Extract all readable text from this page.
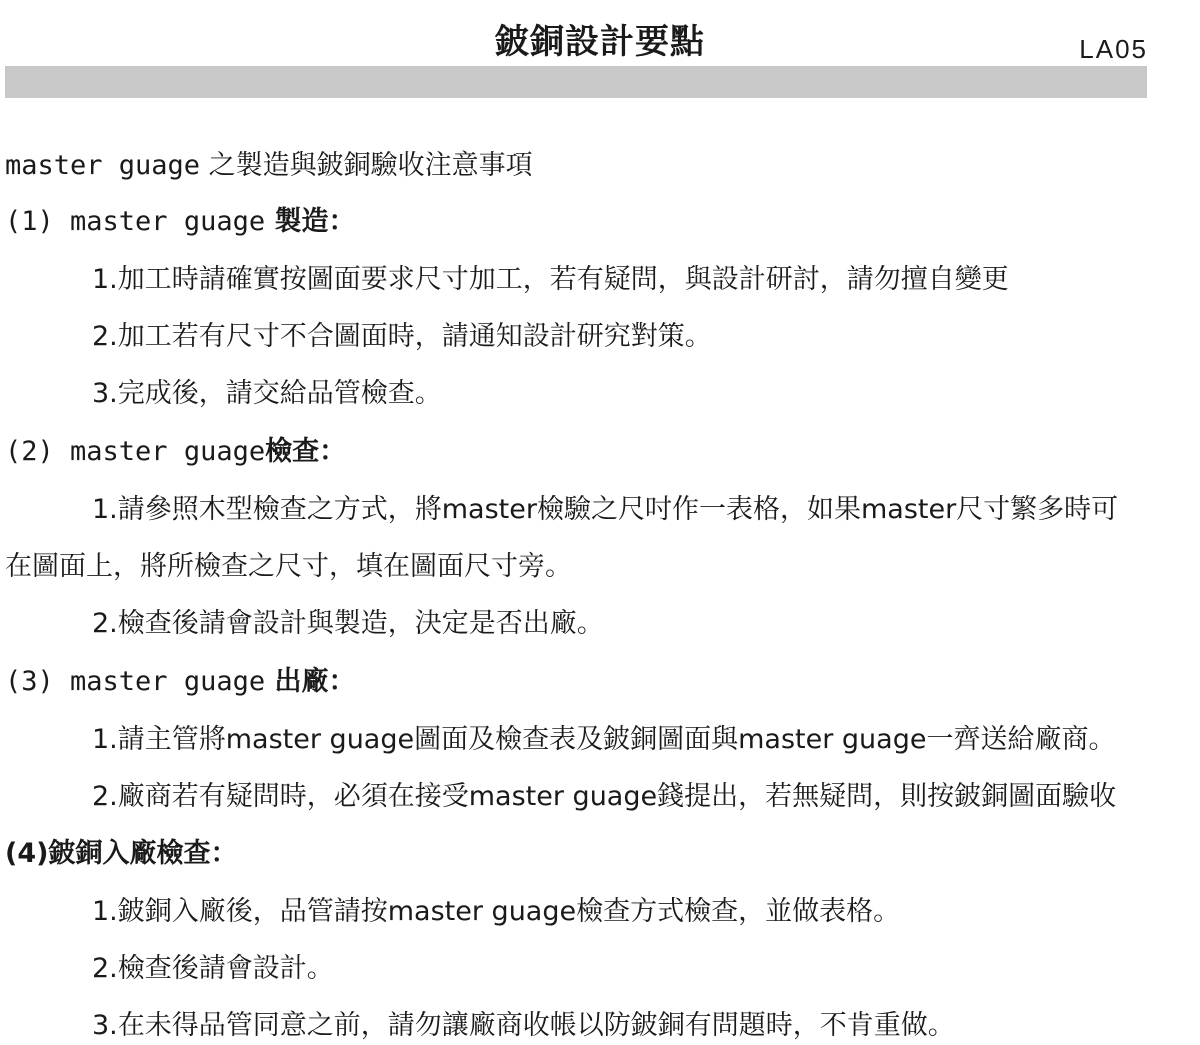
鈹銅設計要點	LA05
master guage 之製造與鈹銅驗收注意事項
(1) master guage 製造：
1.加工時請確實按圖面要求尺寸加工，若有疑問，與設計研討，請勿擅自變更
2.加工若有尺寸不合圖面時，請通知設計研究對策。
3.完成後，請交給品管檢查。
(2) master guage檢查：
1.請參照木型檢查之方式，將master檢驗之尺吋作一表格，如果master尺寸繁多時可
在圖面上，將所檢查之尺寸，填在圖面尺寸旁。
2.檢查後請會設計與製造，決定是否出廠。
(3) master guage 出廠：
1.請主管將master guage圖面及檢查表及鈹銅圖面與master guage一齊送給廠商。
2.廠商若有疑問時，必須在接受master guage錢提出，若無疑問，則按鈹銅圖面驗收
(4)鈹銅入廠檢查：
1.鈹銅入廠後，品管請按master guage檢查方式檢查，並做表格。
2.檢查後請會設計。
3.在未得品管同意之前，請勿讓廠商收帳以防鈹銅有問題時，不肯重做。
